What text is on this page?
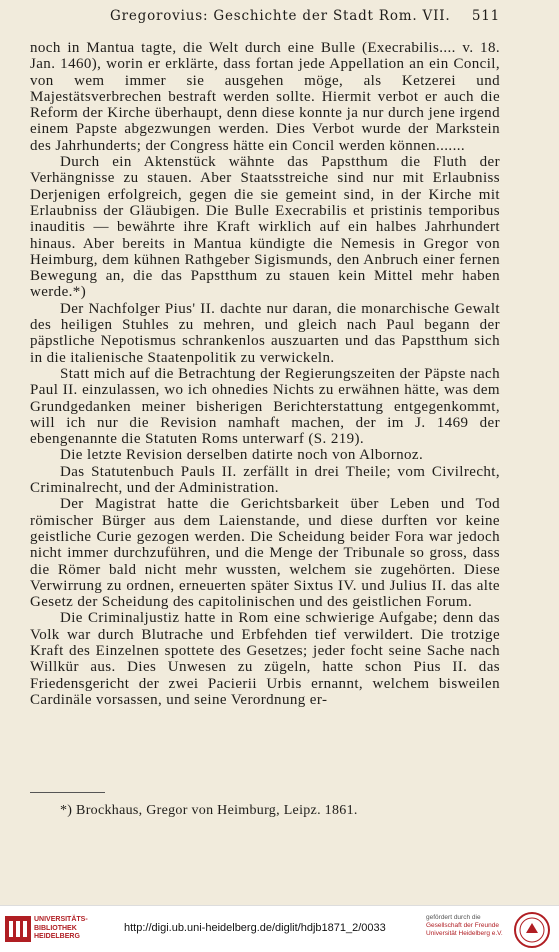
Gregorovius: Geschichte der Stadt Rom. VII. 511

noch in Mantua tagte, die Welt durch eine Bulle (Execrabilis.... v. 18. Jan. 1460), worin er erklärte, dass fortan jede Appellation an ein Concil, von wem immer sie ausgehen möge, als Ketzerei und Majestätsverbrechen bestraft werden sollte. Hiermit verbot er auch die Reform der Kirche überhaupt, denn diese konnte ja nur durch jene irgend einem Papste abgezwungen werden. Dies Verbot wurde der Markstein des Jahrhunderts; der Congress hätte ein Concil werden können.......

Durch ein Aktenstück wähnte das Papstthum die Fluth der Verhängnisse zu stauen. Aber Staatsstreiche sind nur mit Erlaubniss Derjenigen erfolgreich, gegen die sie gemeint sind, in der Kirche mit Erlaubniss der Gläubigen. Die Bulle Execrabilis et pristinis temporibus inauditis — bewährte ihre Kraft wirklich auf ein halbes Jahrhundert hinaus. Aber bereits in Mantua kündigte die Nemesis in Gregor von Heimburg, dem kühnen Rathgeber Sigismunds, den Anbruch einer fernen Bewegung an, die das Papstthum zu stauen kein Mittel mehr haben werde.*)

Der Nachfolger Pius' II. dachte nur daran, die monarchische Gewalt des heiligen Stuhles zu mehren, und gleich nach Paul begann der päpstliche Nepotismus schrankenlos auszuarten und das Papstthum sich in die italienische Staatenpolitik zu verwickeln.

Statt mich auf die Betrachtung der Regierungszeiten der Päpste nach Paul II. einzulassen, wo ich ohnedies Nichts zu erwähnen hätte, was dem Grundgedanken meiner bisherigen Berichterstattung entgegenkommt, will ich nur die Revision namhaft machen, der im J. 1469 der ebengenannte die Statuten Roms unterwarf (S. 219).

Die letzte Revision derselben datirte noch von Albornoz.

Das Statutenbuch Pauls II. zerfällt in drei Theile; vom Civilrecht, Criminalrecht, und der Administration.

Der Magistrat hatte die Gerichtsbarkeit über Leben und Tod römischer Bürger aus dem Laienstande, und diese durften vor keine geistliche Curie gezogen werden. Die Scheidung beider Fora war jedoch nicht immer durchzuführen, und die Menge der Tribunale so gross, dass die Römer bald nicht mehr wussten, welchem sie zugehörten. Diese Verwirrung zu ordnen, erneuerten später Sixtus IV. und Julius II. das alte Gesetz der Scheidung des capitolinischen und des geistlichen Forum.

Die Criminaljustiz hatte in Rom eine schwierige Aufgabe; denn das Volk war durch Blutrache und Erbfehden tief verwildert. Die trotzige Kraft des Einzelnen spottete des Gesetzes; jeder focht seine Sache nach Willkür aus. Dies Unwesen zu zügeln, hatte schon Pius II. das Friedensgericht der zwei Pacierii Urbis ernannt, welchem bisweilen Cardinäle vorsassen, und seine Verordnung er-

*) Brockhaus, Gregor von Heimburg, Leipz. 1861.
UNIVERSITÄTS-
BIBLIOTHEK
HEIDELBERG
http://digi.ub.uni-heidelberg.de/diglit/hdjb1871_2/0033
gefördert durch die
Gesellschaft der Freunde
Universität Heidelberg e.V.
